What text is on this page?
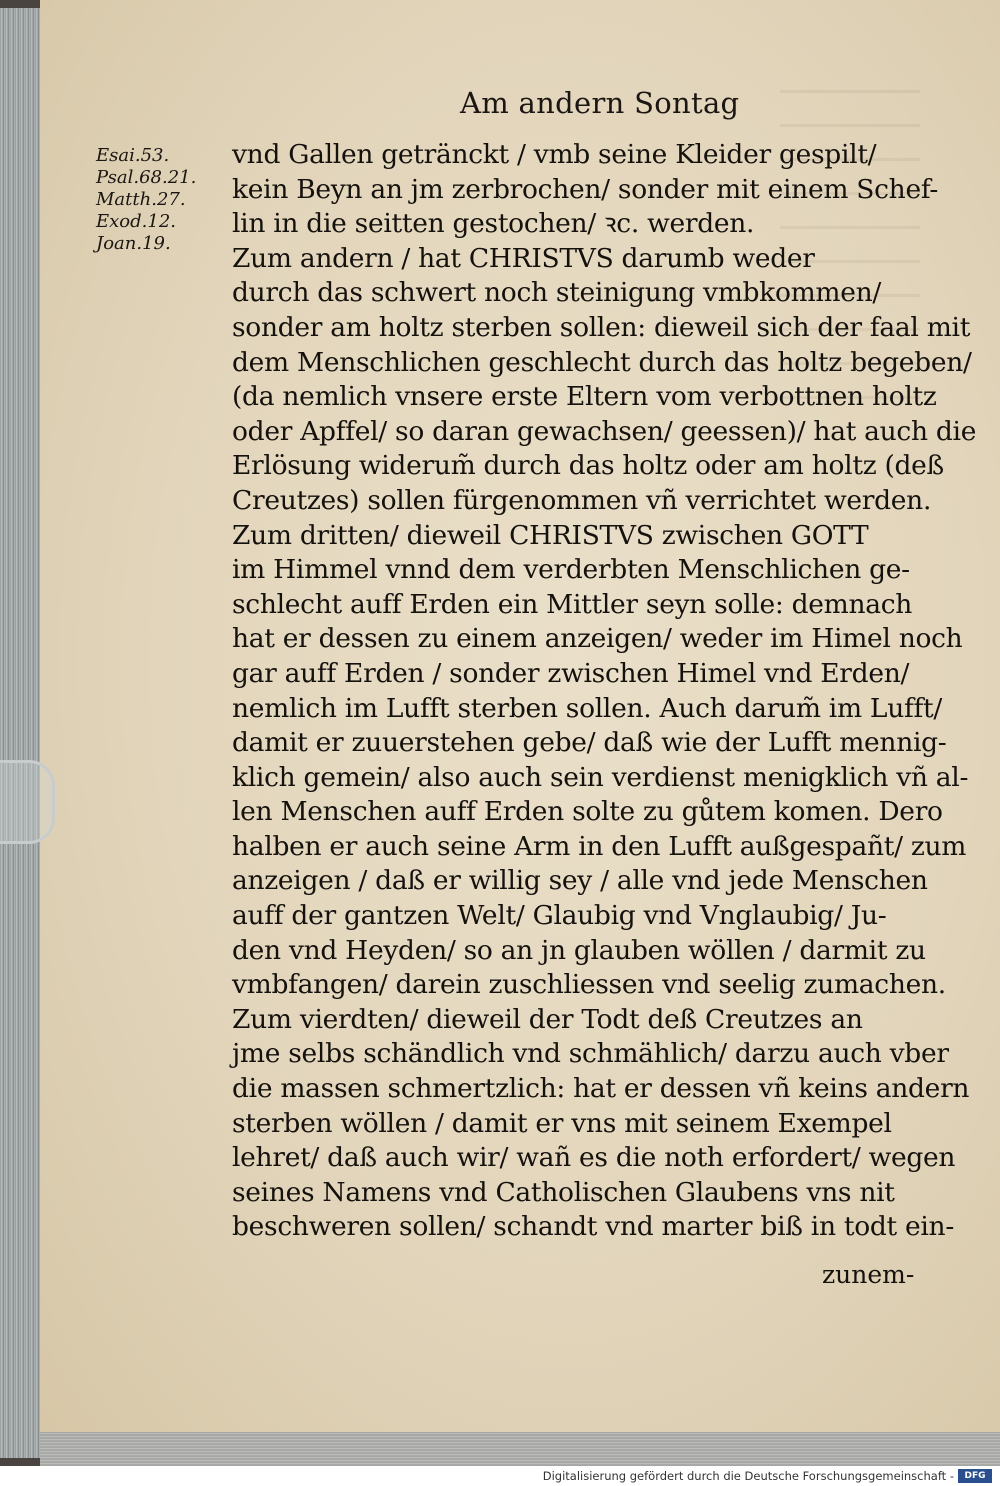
Am andern Sontag
Esai.53.
Psal.68.21.
Matth.27.
Exod.12.
Joan.19.
vnd Gallen getränckt / vmb seine Kleider gespilt/
kein Beyn an jm zerbrochen/ sonder mit einem Schef-
lin in die seitten gestochen/ ꝛc. werden.
Zum andern / hat CHRISTVS darumb weder
durch das schwert noch steinigung vmbkommen/
sonder am holtz sterben sollen: dieweil sich der faal mit
dem Menschlichen geschlecht durch das holtz begeben/
(da nemlich vnsere erste Eltern vom verbottnen holtz
oder Apffel/ so daran gewachsen/ geessen)/ hat auch die
Erlösung widerum̃ durch das holtz oder am holtz (deß
Creutzes) sollen fürgenommen vñ verrichtet werden.
Zum dritten/ dieweil CHRISTVS zwischen GOTT
im Himmel vnnd dem verderbten Menschlichen ge-
schlecht auff Erden ein Mittler seyn solle: demnach
hat er dessen zu einem anzeigen/ weder im Himel noch
gar auff Erden / sonder zwischen Himel vnd Erden/
nemlich im Lufft sterben sollen. Auch darum̃ im Lufft/
damit er zuuerstehen gebe/ daß wie der Lufft mennig-
klich gemein/ also auch sein verdienst menigklich vñ al-
len Menschen auff Erden solte zu gůtem komen. Dero
halben er auch seine Arm in den Lufft außgespañt/ zum
anzeigen / daß er willig sey / alle vnd jede Menschen
auff der gantzen Welt/ Glaubig vnd Vnglaubig/ Ju-
den vnd Heyden/ so an jn glauben wöllen / darmit zu
vmbfangen/ darein zuschliessen vnd seelig zumachen.
Zum vierdten/ dieweil der Todt deß Creutzes an
jme selbs schändlich vnd schmählich/ darzu auch vber
die massen schmertzlich: hat er dessen vñ keins andern
sterben wöllen / damit er vns mit seinem Exempel
lehret/ daß auch wir/ wañ es die noth erfordert/ wegen
seines Namens vnd Catholischen Glaubens vns nit
beschweren sollen/ schandt vnd marter biß in todt ein-
zunem-
Digitalisierung gefördert durch die Deutsche Forschungsgemeinschaft -	DFG
